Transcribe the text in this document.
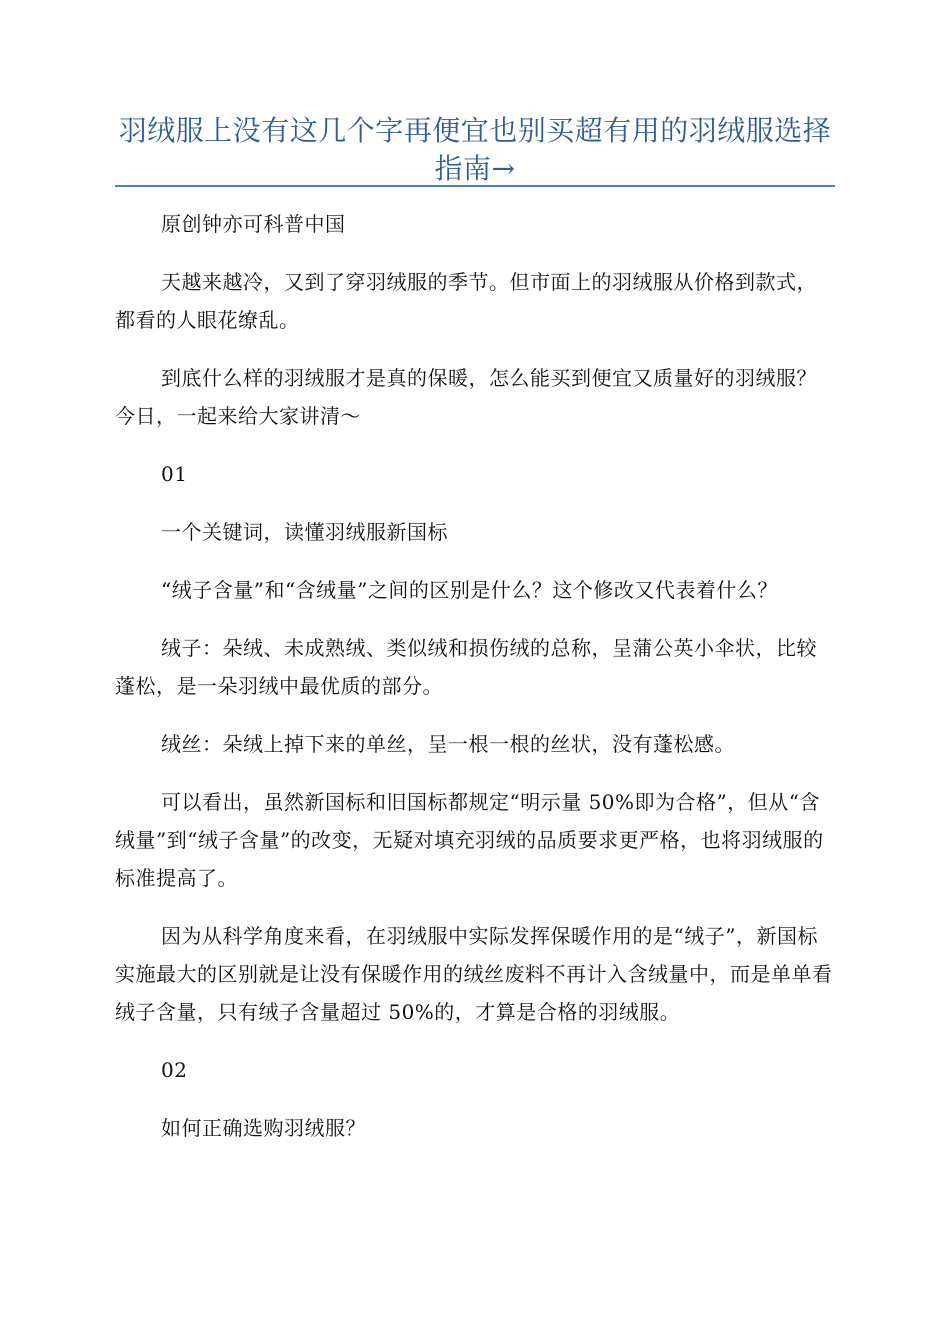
羽绒服上没有这几个字再便宜也别买超有用的羽绒服选择指南→

原创钟亦可科普中国

天越来越冷，又到了穿羽绒服的季节。但市面上的羽绒服从价格到款式，都看的人眼花缭乱。

到底什么样的羽绒服才是真的保暖，怎么能买到便宜又质量好的羽绒服？今日，一起来给大家讲清～

01

一个关键词，读懂羽绒服新国标

“绒子含量”和“含绒量”之间的区别是什么？这个修改又代表着什么？

绒子：朵绒、未成熟绒、类似绒和损伤绒的总称，呈蒲公英小伞状，比较蓬松，是一朵羽绒中最优质的部分。

绒丝：朵绒上掉下来的单丝，呈一根一根的丝状，没有蓬松感。

可以看出，虽然新国标和旧国标都规定“明示量 50%即为合格”，但从“含绒量”到“绒子含量”的改变，无疑对填充羽绒的品质要求更严格，也将羽绒服的标准提高了。

因为从科学角度来看，在羽绒服中实际发挥保暖作用的是“绒子”，新国标实施最大的区别就是让没有保暖作用的绒丝废料不再计入含绒量中，而是单单看绒子含量，只有绒子含量超过 50%的，才算是合格的羽绒服。

02

如何正确选购羽绒服？
